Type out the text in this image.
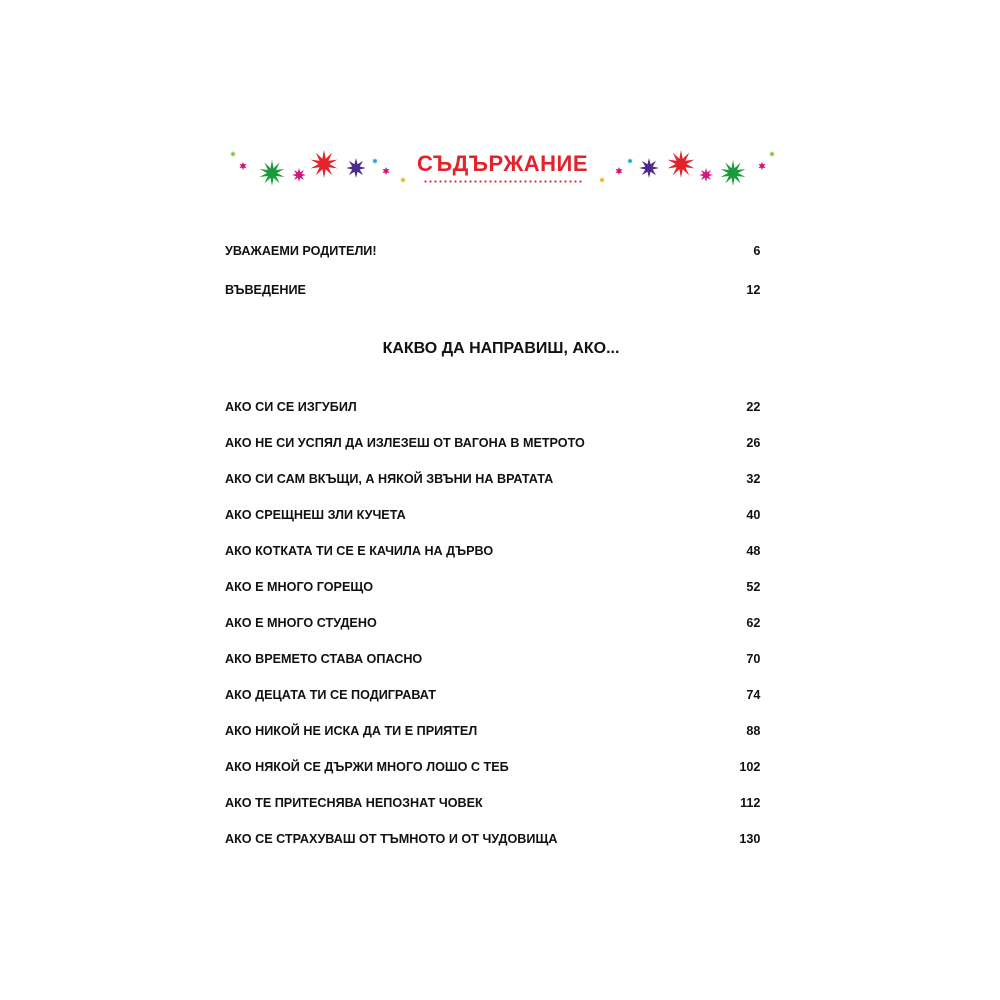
СЪДЪРЖАНИЕ
УВАЖАЕМИ РОДИТЕЛИ!	6
ВЪВЕДЕНИЕ	12
КАКВО ДА НАПРАВИШ, АКО...
АКО СИ СЕ ИЗГУБИЛ	22
АКО НЕ СИ УСПЯЛ ДА ИЗЛЕЗЕШ ОТ ВАГОНА В МЕТРОТО	26
АКО СИ САМ ВКЪЩИ, А НЯКОЙ ЗВЪНИ НА ВРАТАТА	32
АКО СРЕЩНЕШ ЗЛИ КУЧЕТА	40
АКО КОТКАТА ТИ СЕ Е КАЧИЛА НА ДЪРВО	48
АКО Е МНОГО ГОРЕЩО	52
АКО Е МНОГО СТУДЕНО	62
АКО ВРЕМЕТО СТАВА ОПАСНО	70
АКО ДЕЦАТА ТИ СЕ ПОДИГРАВАТ	74
АКО НИКОЙ НЕ ИСКА ДА ТИ Е ПРИЯТЕЛ	88
АКО НЯКОЙ СЕ ДЪРЖИ МНОГО ЛОШО С ТЕБ	102
АКО ТЕ ПРИТЕСНЯВА НЕПОЗНАТ ЧОВЕК	112
АКО СЕ СТРАХУВАШ ОТ ТЪМНОТО И ОТ ЧУДОВИЩА	130
